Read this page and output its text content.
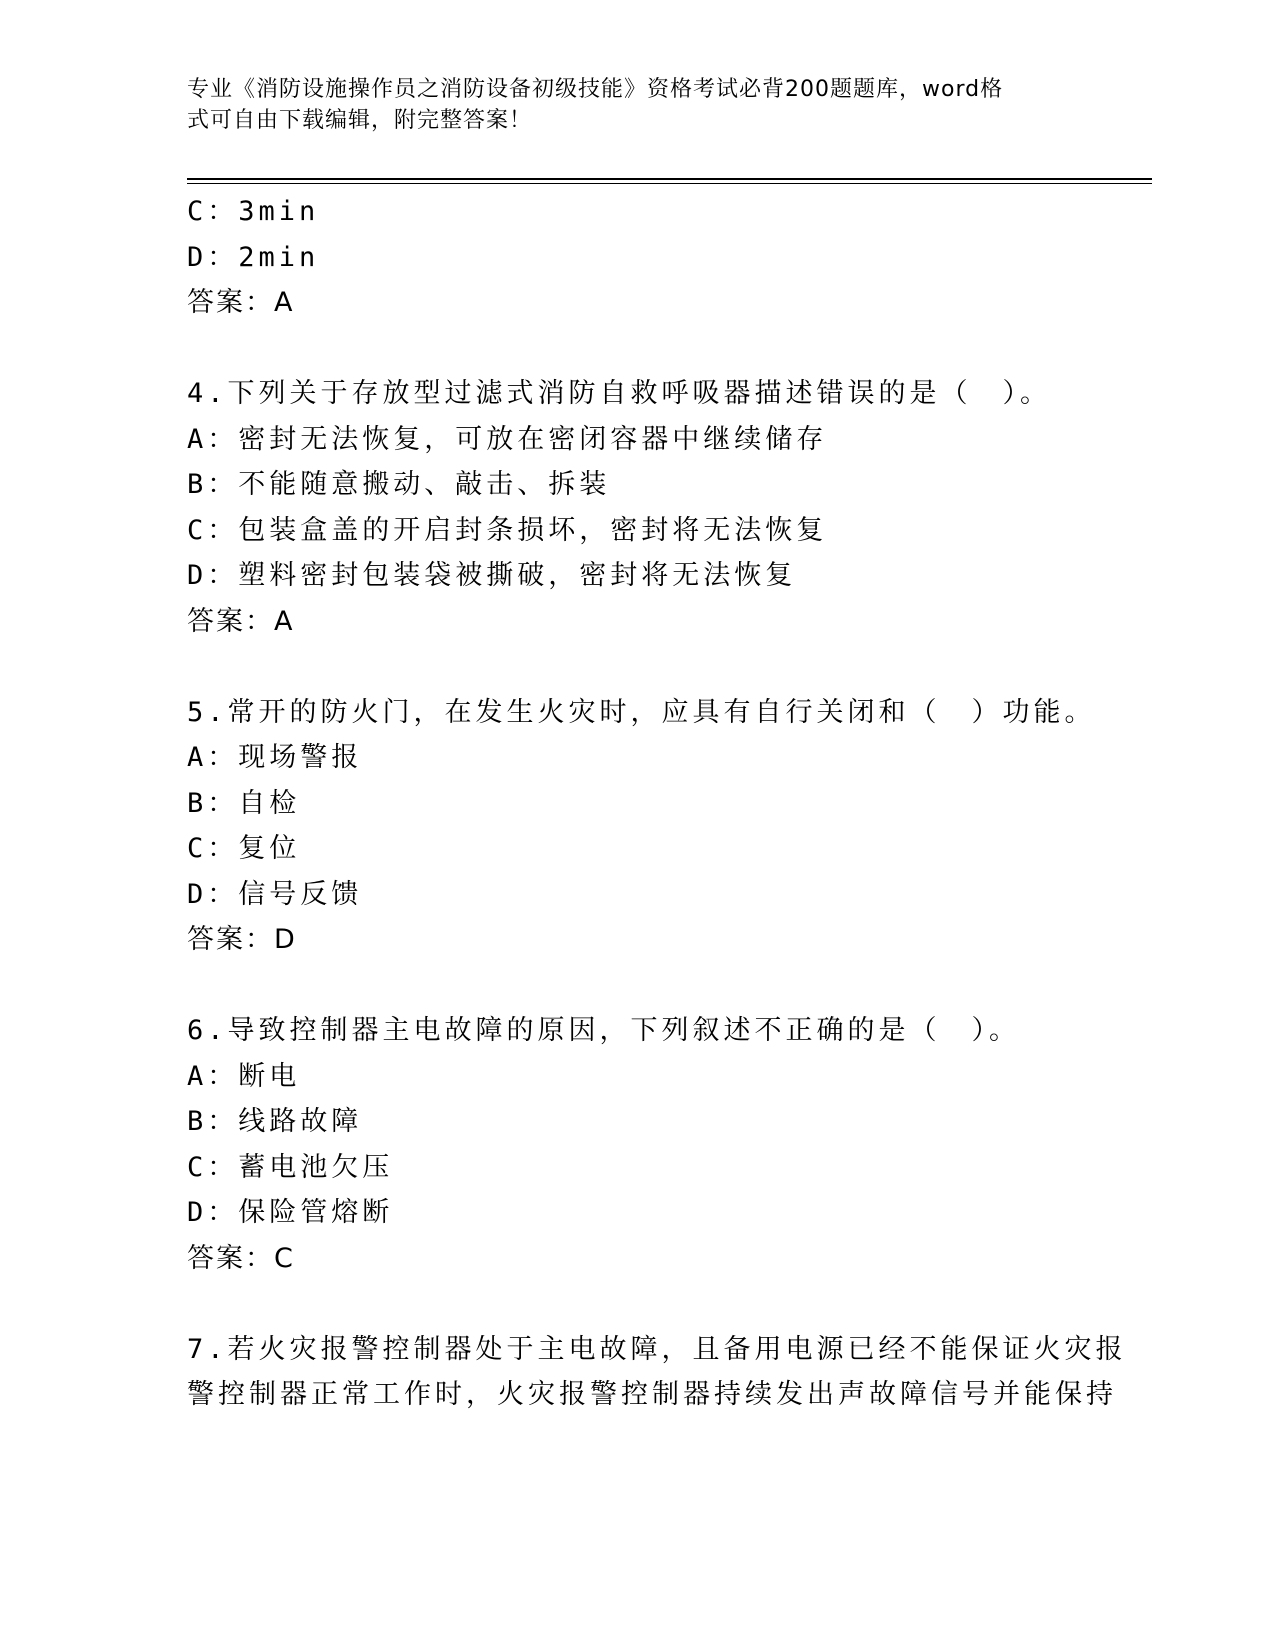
专业《消防设施操作员之消防设备初级技能》资格考试必背200题题库，word格
式可自由下载编辑，附完整答案！
C：3min
D：2min
答案：A
4.下列关于存放型过滤式消防自救呼吸器描述错误的是（　）。
A：密封无法恢复，可放在密闭容器中继续储存
B：不能随意搬动、敲击、拆装
C：包装盒盖的开启封条损坏，密封将无法恢复
D：塑料密封包装袋被撕破，密封将无法恢复
答案：A
5.常开的防火门，在发生火灾时，应具有自行关闭和（　）功能。
A：现场警报
B：自检
C：复位
D：信号反馈
答案：D
6.导致控制器主电故障的原因，下列叙述不正确的是（　）。
A：断电
B：线路故障
C：蓄电池欠压
D：保险管熔断
答案：C
7.若火灾报警控制器处于主电故障，且备用电源已经不能保证火灾报
警控制器正常工作时，火灾报警控制器持续发出声故障信号并能保持
